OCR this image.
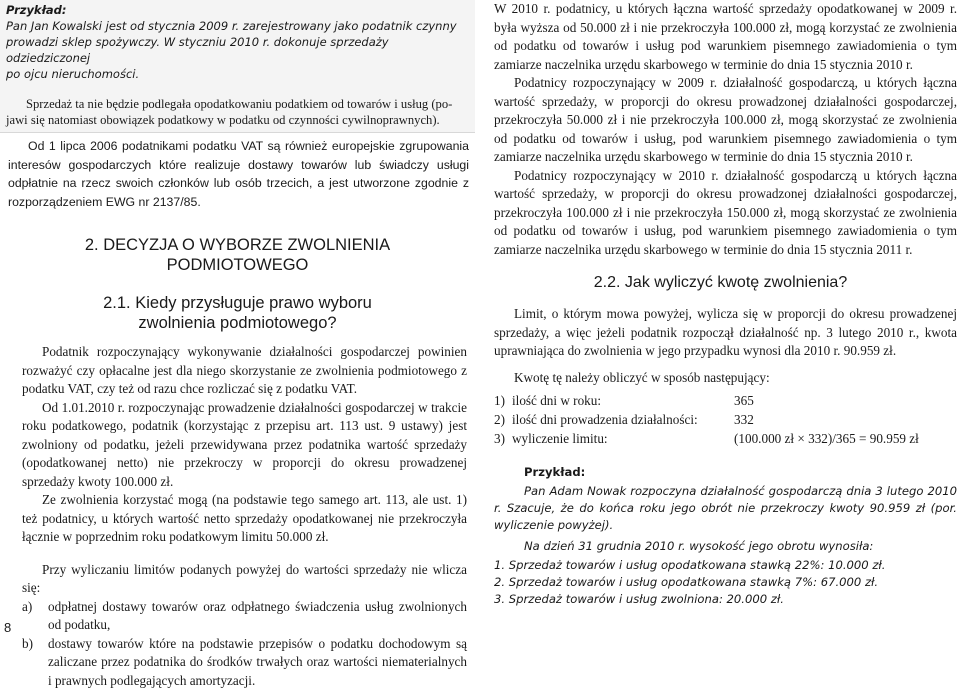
Przykład:
Pan Jan Kowalski jest od stycznia 2009 r. zarejestrowany jako podatnik czynny
prowadzi sklep spożywczy. W styczniu 2010 r. dokonuje sprzedaży odziedziczonej
po ojcu nieruchomości.
Sprzedaż ta nie będzie podlegała opodatkowaniu podatkiem od towarów i usług (po-
jawi się natomiast obowiązek podatkowy w podatku od czynności cywilnoprawnych).

Od 1 lipca 2006 podatnikami podatku VAT są również europejskie zgrupowania interesów gospodarczych które realizuje dostawy towarów lub świadczy usługi odpłatnie na rzecz swoich członków lub osób trzecich, a jest utworzone zgodnie z rozporządzeniem EWG nr 2137/85.

2. DECYZJA O WYBORZE ZWOLNIENIA
PODMIOTOWEGO
2.1. Kiedy przysługuje prawo wyboru
zwolnienia podmiotowego?

Podatnik rozpoczynający wykonywanie działalności gospodarczej powinien rozważyć czy opłacalne jest dla niego skorzystanie ze zwolnienia podmiotowego z podatku VAT, czy też od razu chce rozliczać się z podatku VAT.

Od 1.01.2010 r. rozpoczynając prowadzenie działalności gospodarczej w trakcie roku podatkowego, podatnik (korzystając z przepisu art. 113 ust. 9 ustawy) jest zwolniony od podatku, jeżeli przewidywana przez podatnika wartość sprzedaży (opodatkowanej netto) nie przekroczy w proporcji do okresu prowadzenej sprzedaży kwoty 100.000 zł.

Ze zwolnienia korzystać mogą (na podstawie tego samego art. 113, ale ust. 1) też podatnicy, u których wartość netto sprzedaży opodatkowanej nie przekroczyła łącznie w poprzednim roku podatkowym limitu 50.000 zł.

Przy wyliczaniu limitów podanych powyżej do wartości sprzedaży nie wlicza się:

a) odpłatnej dostawy towarów oraz odpłatnego świadczenia usług zwolnionych od podatku,
b) dostawy towarów które na podstawie przepisów o podatku dochodowym są zaliczane przez podatnika do środków trwałych oraz wartości niematerialnych i prawnych podlegających amortyzacji.
8

W 2010 r. podatnicy, u których łączna wartość sprzedaży opodatkowanej w 2009 r. była wyższa od 50.000 zł i nie przekroczyła 100.000 zł, mogą korzystać ze zwolnienia od podatku od towarów i usług pod warunkiem pisemnego zawiadomienia o tym zamiarze naczelnika urzędu skarbowego w terminie do dnia 15 stycznia 2010 r.

Podatnicy rozpoczynający w 2009 r. działalność gospodarczą, u których łączna wartość sprzedaży, w proporcji do okresu prowadzonej działalności gospodarczej, przekroczyła 50.000 zł i nie przekroczyła 100.000 zł, mogą skorzystać ze zwolnienia od podatku od towarów i usług, pod warunkiem pisemnego zawiadomienia o tym zamiarze naczelnika urzędu skarbowego w terminie do dnia 15 stycznia 2010 r.

Podatnicy rozpoczynający w 2010 r. działalność gospodarczą u których łączna wartość sprzedaży, w proporcji do okresu prowadzonej działalności gospodarczej, przekroczyła 100.000 zł i nie przekroczyła 150.000 zł, mogą skorzystać ze zwolnienia od podatku od towarów i usług, pod warunkiem pisemnego zawiadomienia o tym zamiarze naczelnika urzędu skarbowego w terminie do dnia 15 stycznia 2011 r.

2.2. Jak wyliczyć kwotę zwolnienia?

Limit, o którym mowa powyżej, wylicza się w proporcji do okresu prowadzenej sprzedaży, a więc jeżeli podatnik rozpoczął działalność np. 3 lutego 2010 r., kwota uprawniająca do zwolnienia w jego przypadku wynosi dla 2010 r. 90.959 zł.

Kwotę tę należy obliczyć w sposób następujący:

1) ilość dni w roku:	365
2) ilość dni prowadzenia działalności:	332
3) wyliczenie limitu:	(100.000 zł × 332)/365 = 90.959 zł
Przykład:
Pan Adam Nowak rozpoczyna działalność gospodarczą dnia 3 lutego 2010 r. Szacuje, że do końca roku jego obrót nie przekroczy kwoty 90.959 zł (por. wyliczenie powyżej).
Na dzień 31 grudnia 2010 r. wysokość jego obrotu wynosiła:
1. Sprzedaż towarów i usług opodatkowana stawką 22%: 10.000 zł.
2. Sprzedaż towarów i usług opodatkowana stawką 7%: 67.000 zł.
3. Sprzedaż towarów i usług zwolniona: 20.000 zł.
